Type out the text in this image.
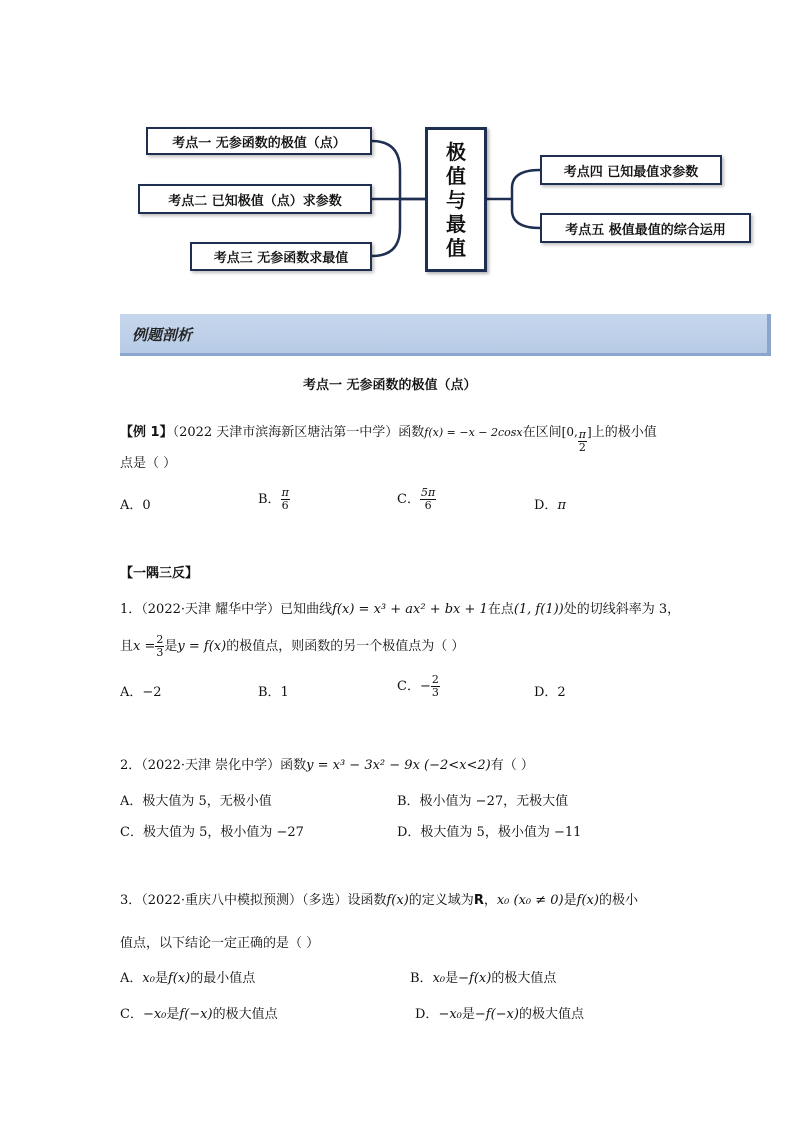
考点一 无参函数的极值（点）
考点二 已知极值（点）求参数
考点三 无参函数求最值
极
值
与
最
值
考点四 已知最值求参数
考点五 极值最值的综合运用
例题剖析
考点一 无参函数的极值（点）
【例 1】（2022 天津市滨海新区塘沽第一中学）函数f(x) = −x − 2cosx在区间[0, $\frac{\pi}{2}$ ]上的极小值
点是（ ）
A．0	B． $\frac{\pi}{6}$	C． $\frac{5\pi}{6}$	D．π
【一隅三反】
1．（2022·天津 耀华中学）已知曲线f(x) = x³ + ax² + bx + 1在点(1, f(1))处的切线斜率为 3，
且$x = \frac{2}{3}$ 是y = f(x)的极值点，则函数的另一个极值点为（ ）
A．−2	B．1	C．− $\frac{2}{3}$	D．2
2．（2022·天津 崇化中学）函数y = x³ − 3x² − 9x (−2<x<2)有（ ）
A．极大值为 5，无极小值	B．极小值为 −27，无极大值
C．极大值为 5，极小值为 −27	D．极大值为 5，极小值为 −11
3．（2022·重庆八中模拟预测）（多选）设函数f(x)的定义域为R，x₀ (x₀ ≠ 0)是f(x)的极小
值点，以下结论一定正确的是（ ）
A．x₀是f(x)的最小值点	B．x₀是−f(x)的极大值点
C．−x₀是f(−x)的极大值点	D．−x₀是−f(−x)的极大值点
